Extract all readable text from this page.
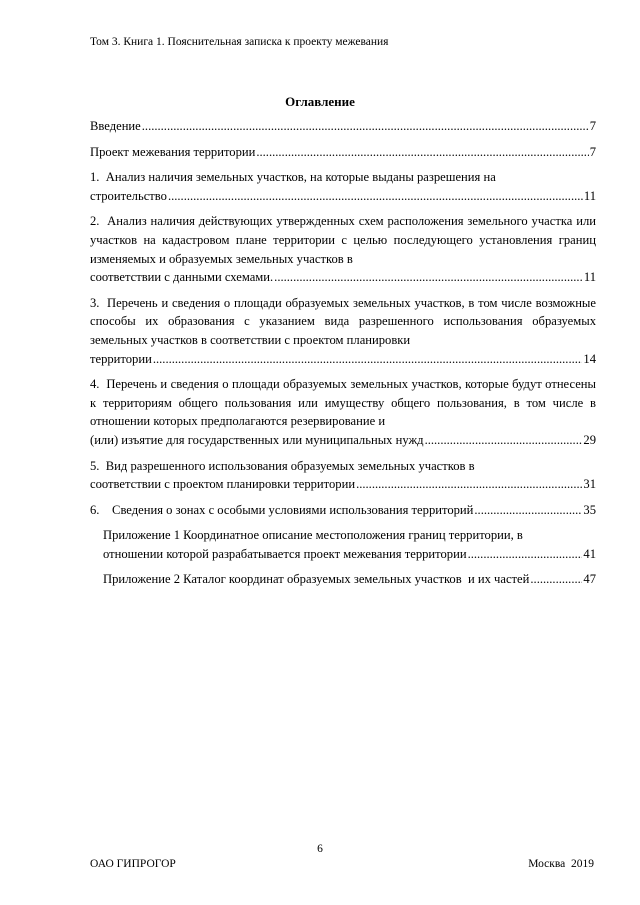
Том 3. Книга 1. Пояснительная записка к проекту межевания
Оглавление
Введение .....	7
Проект межевания территории .....	7
1.  Анализ наличия земельных участков, на которые выданы разрешения на
строительство .....	11
2.  Анализ наличия действующих утвержденных схем расположения земельного участка или участков на кадастровом плане территории с целью последующего установления границ изменяемых и образуемых земельных участков в
соответствии с данными схемами. .....	11
3.  Перечень и сведения о площади образуемых земельных участков, в том числе возможные способы их образования с указанием вида разрешенного использования образуемых земельных участков в соответствии с проектом планировки
территории .....	14
4.  Перечень и сведения о площади образуемых земельных участков, которые будут отнесены к территориям общего пользования или имуществу общего пользования, в том числе в отношении которых предполагаются резервирование и
(или) изъятие для государственных или муниципальных нужд .....	29
5.  Вид разрешенного использования образуемых земельных участков в
соответствии с проектом планировки территории .....	31
6.    Сведения о зонах с особыми условиями использования территорий .....	35
Приложение 1 Координатное описание местоположения границ территории, в
отношении которой разрабатывается проект межевания территории .....	41
Приложение 2 Каталог координат образуемых земельных участков  и их частей .....	47
6
ОАО ГИПРОГОР	Москва  2019
